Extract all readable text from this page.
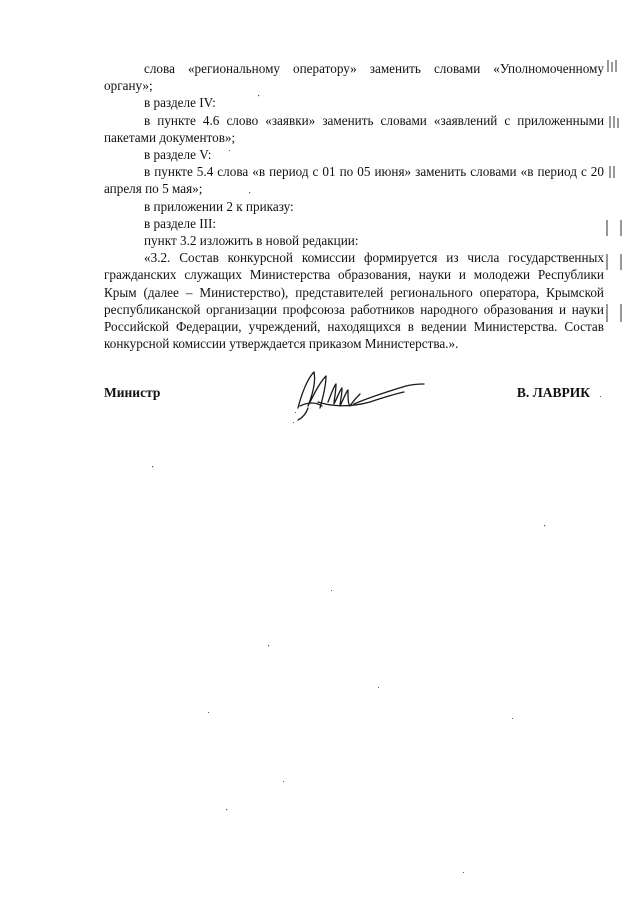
слова «региональному оператору» заменить словами «Уполномоченному органу»;

в разделе IV:

в пункте 4.6 слово «заявки» заменить словами «заявлений с приложенными пакетами документов»;

в разделе V:

в пункте 5.4 слова «в период с 01 по 05 июня» заменить словами «в период с 20 апреля по 5 мая»;

в приложении 2 к приказу:

в разделе III:

пункт 3.2 изложить в новой редакции:

«3.2. Состав конкурсной комиссии формируется из числа государственных гражданских служащих Министерства образования, науки и молодежи Республики Крым (далее – Министерство), представителей регионального оператора, Крымской республиканской организации профсоюза работников народного образования и науки Российской Федерации, учреждений, находящихся в ведении Министерства. Состав конкурсной комиссии утверждается приказом Министерства.».

Министр	В. ЛАВРИК
